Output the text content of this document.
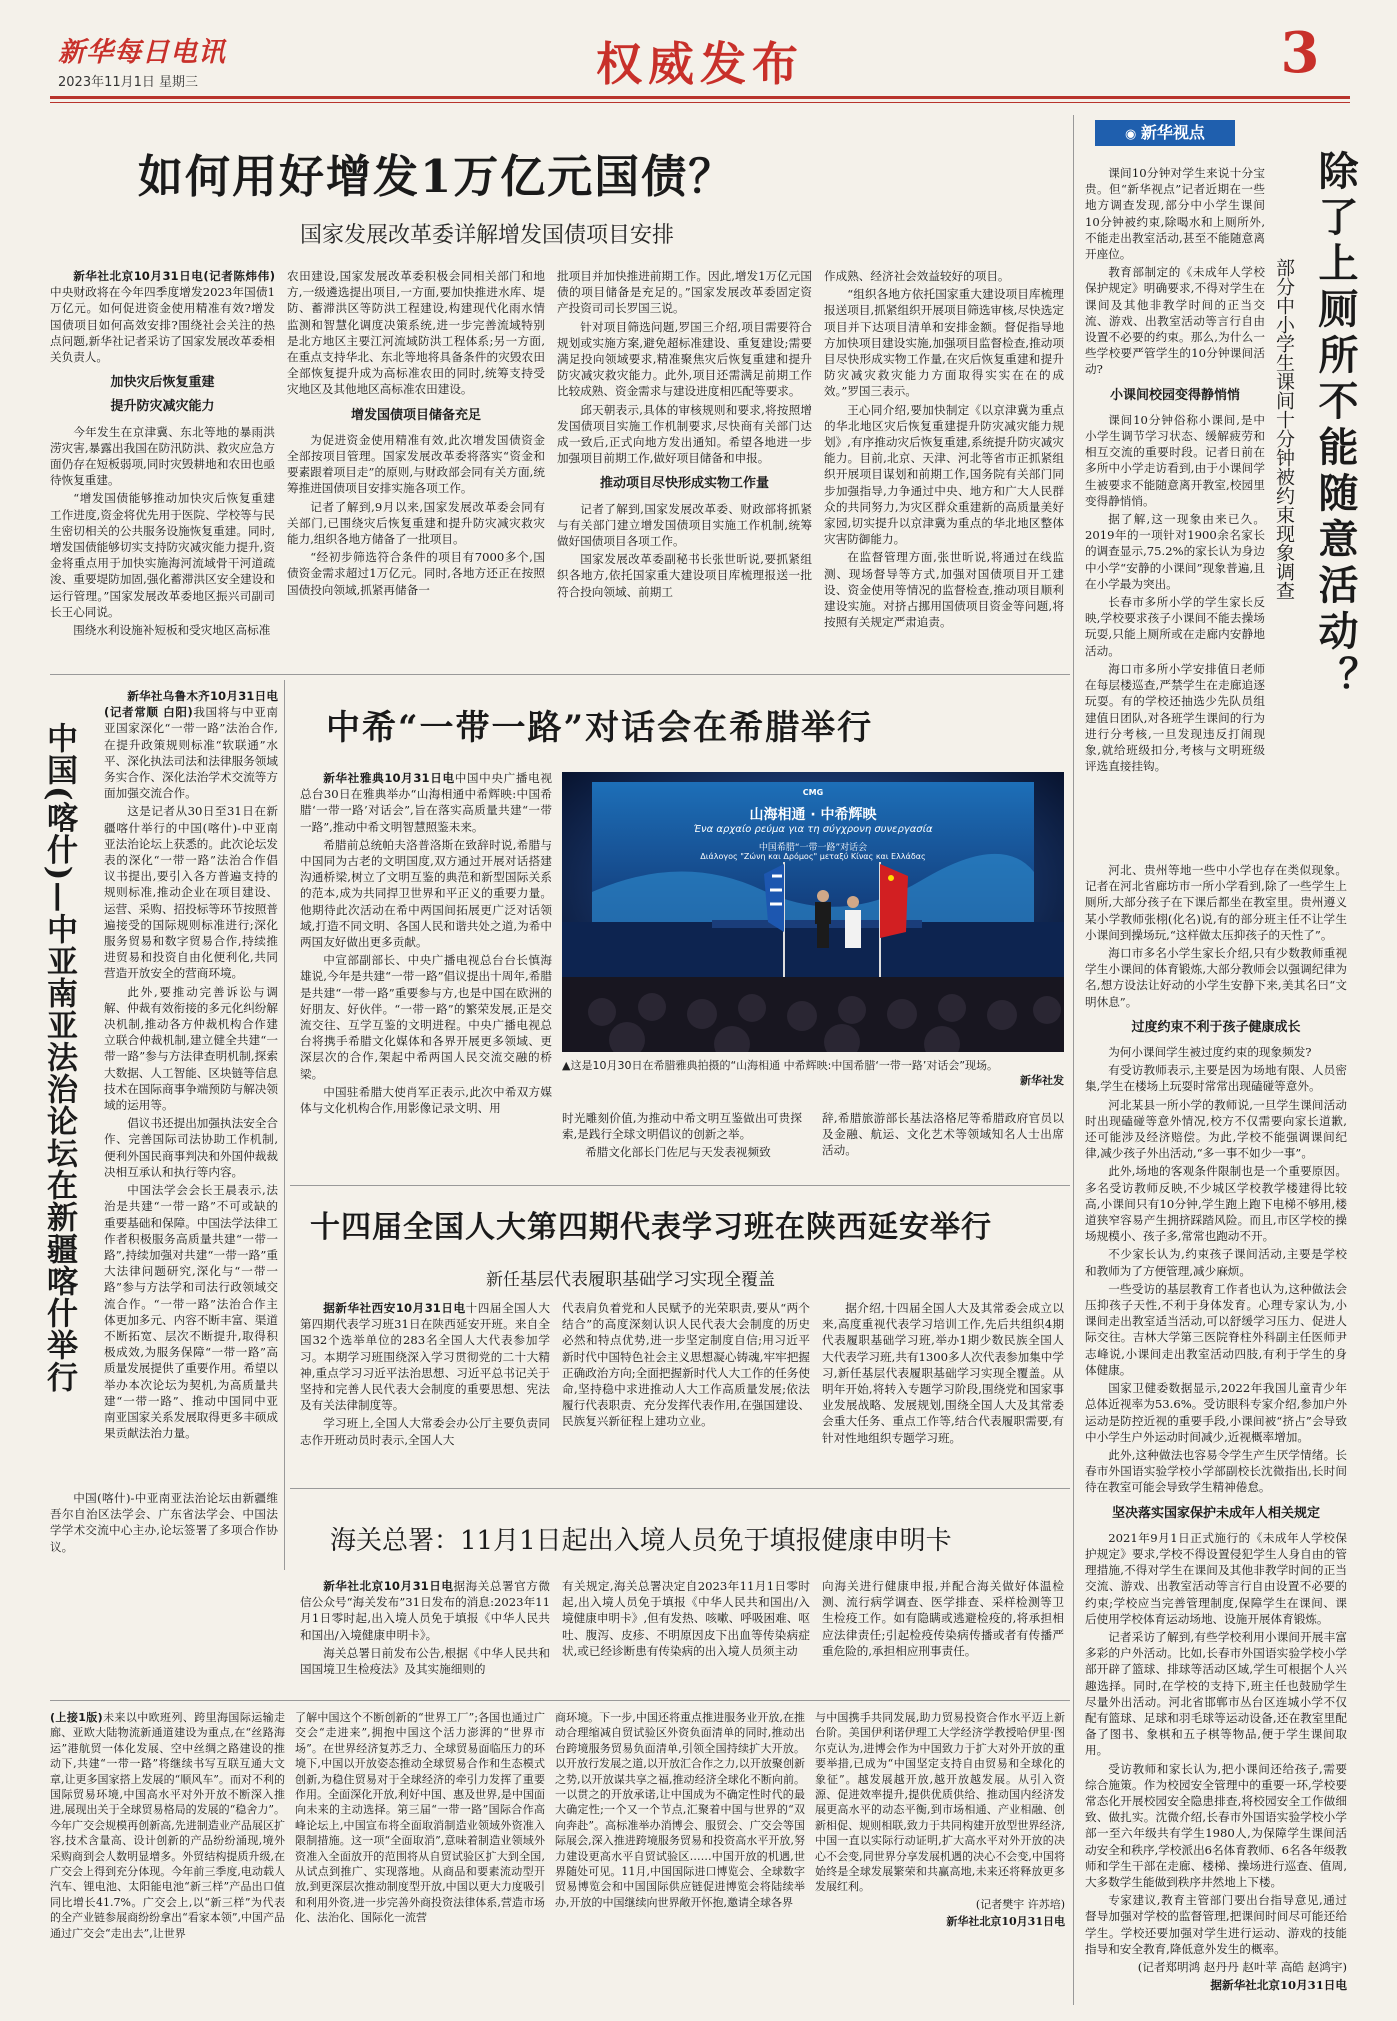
新华每日电讯
2023年11月1日 星期三	权威发布	3
如何用好增发1万亿元国债？
国家发展改革委详解增发国债项目安排

新华社北京10月31日电(记者陈炜伟)中央财政将在今年四季度增发2023年国债1万亿元。如何促进资金使用精准有效?增发国债项目如何高效安排?围绕社会关注的热点问题,新华社记者采访了国家发展改革委相关负责人。

加快灾后恢复重建
提升防灾减灾能力

今年发生在京津冀、东北等地的暴雨洪涝灾害,暴露出我国在防汛防洪、救灾应急方面仍存在短板弱项,同时灾毁耕地和农田也亟待恢复重建。

“增发国债能够推动加快灾后恢复重建工作进度,资金将优先用于医院、学校等与民生密切相关的公共服务设施恢复重建。同时,增发国债能够切实支持防灾减灾能力提升,资金将重点用于加快实施海河流域骨干河道疏浚、重要堤防加固,强化蓄滞洪区安全建设和运行管理。”国家发展改革委地区振兴司副司长王心同说。

围绕水利设施补短板和受灾地区高标准

农田建设,国家发展改革委积极会同相关部门和地方,一级遴选提出项目,一方面,要加快推进水库、堤防、蓄滞洪区等防洪工程建设,构建现代化雨水情监测和智慧化调度决策系统,进一步完善流域特别是北方地区主要江河流域防洪工程体系;另一方面,在重点支持华北、东北等地将具备条件的灾毁农田全部恢复提升成为高标准农田的同时,统筹支持受灾地区及其他地区高标准农田建设。

增发国债项目储备充足

为促进资金使用精准有效,此次增发国债资金全部按项目管理。国家发展改革委将落实“资金和要素跟着项目走”的原则,与财政部会同有关方面,统筹推进国债项目安排实施各项工作。

记者了解到,9月以来,国家发展改革委会同有关部门,已围绕灾后恢复重建和提升防灾减灾救灾能力,组织各地方储备了一批项目。

“经初步筛选符合条件的项目有7000多个,国债资金需求超过1万亿元。同时,各地方还正在按照国债投向领域,抓紧再储备一

批项目并加快推进前期工作。因此,增发1万亿元国债的项目储备是充足的。”国家发展改革委固定资产投资司司长罗国三说。

针对项目筛选问题,罗国三介绍,项目需要符合规划或实施方案,避免超标准建设、重复建设;需要满足投向领域要求,精准聚焦灾后恢复重建和提升防灾减灾救灾能力。此外,项目还需满足前期工作比较成熟、资金需求与建设进度相匹配等要求。

邱天朝表示,具体的审核规则和要求,将按照增发国债项目实施工作机制要求,尽快商有关部门达成一致后,正式向地方发出通知。希望各地进一步加强项目前期工作,做好项目储备和申报。

推动项目尽快形成实物工作量

记者了解到,国家发展改革委、财政部将抓紧与有关部门建立增发国债项目实施工作机制,统筹做好国债项目各项工作。

国家发展改革委副秘书长张世昕说,要抓紧组织各地方,依托国家重大建设项目库梳理报送一批符合投向领域、前期工

作成熟、经济社会效益较好的项目。

“组织各地方依托国家重大建设项目库梳理报送项目,抓紧组织开展项目筛选审核,尽快选定项目并下达项目清单和安排金额。督促指导地方加快项目建设实施,加强项目监督检查,推动项目尽快形成实物工作量,在灾后恢复重建和提升防灾减灾救灾能力方面取得实实在在的成效。”罗国三表示。

王心同介绍,要加快制定《以京津冀为重点的华北地区灾后恢复重建提升防灾减灾能力规划》,有序推动灾后恢复重建,系统提升防灾减灾能力。目前,北京、天津、河北等省市正抓紧组织开展项目谋划和前期工作,国务院有关部门同步加强指导,力争通过中央、地方和广大人民群众的共同努力,为灾区群众重建新的高质量美好家园,切实提升以京津冀为重点的华北地区整体灾害防御能力。

在监督管理方面,张世昕说,将通过在线监测、现场督导等方式,加强对国债项目开工建设、资金使用等情况的监督检查,推动项目顺利建设实施。对挤占挪用国债项目资金等问题,将按照有关规定严肃追责。

中国(喀什)—中亚南亚法治论坛在新疆喀什举行

新华社乌鲁木齐10月31日电(记者常顺 白阳)我国将与中亚南亚国家深化“一带一路”法治合作,在提升政策规则标准“软联通”水平、深化执法司法和法律服务领域务实合作、深化法治学术交流等方面加强交流合作。

这是记者从30日至31日在新疆喀什举行的中国(喀什)-中亚南亚法治论坛上获悉的。此次论坛发表的深化“一带一路”法治合作倡议书提出,要引入各方普遍支持的规则标准,推动企业在项目建设、运营、采购、招投标等环节按照普遍接受的国际规则标准进行;深化服务贸易和数字贸易合作,持续推进贸易和投资自由化便利化,共同营造开放安全的营商环境。

此外,要推动完善诉讼与调解、仲裁有效衔接的多元化纠纷解决机制,推动各方仲裁机构合作建立联合仲裁机制,建立健全共建“一带一路”参与方法律查明机制,探索大数据、人工智能、区块链等信息技术在国际商事争端预防与解决领域的运用等。

倡议书还提出加强执法安全合作、完善国际司法协助工作机制,便利外国民商事判决和外国仲裁裁决相互承认和执行等内容。

中国法学会会长王晨表示,法治是共建“一带一路”不可或缺的重要基础和保障。中国法学法律工作者积极服务高质量共建“一带一路”,持续加强对共建“一带一路”重大法律问题研究,深化与“一带一路”参与方法学和司法行政领域交流合作。“一带一路”法治合作主体更加多元、内容不断丰富、渠道不断拓宽、层次不断提升,取得积极成效,为服务保障“一带一路”高质量发展提供了重要作用。希望以举办本次论坛为契机,为高质量共建“一带一路”、推动中国同中亚南亚国家关系发展取得更多丰硕成果贡献法治力量。

中国(喀什)-中亚南亚法治论坛由新疆维吾尔自治区法学会、广东省法学会、中国法学学术交流中心主办,论坛签署了多项合作协议。

中希“一带一路”对话会在希腊举行

新华社雅典10月31日电中国中央广播电视总台30日在雅典举办“山海相通中希辉映:中国希腊‘一带一路’对话会”,旨在落实高质量共建“一带一路”,推动中希文明智慧照鉴未来。

希腊前总统帕夫洛普洛斯在致辞时说,希腊与中国同为古老的文明国度,双方通过开展对话搭建沟通桥梁,树立了文明互鉴的典范和新型国际关系的范本,成为共同捍卫世界和平正义的重要力量。他期待此次活动在希中两国间拓展更广泛对话领域,打造不同文明、各国人民和谐共处之道,为希中两国友好做出更多贡献。

中宣部副部长、中央广播电视总台台长慎海雄说,今年是共建“一带一路”倡议提出十周年,希腊是共建“一带一路”重要参与方,也是中国在欧洲的好朋友、好伙伴。“一带一路”的繁荣发展,正是交流交往、互学互鉴的文明进程。中央广播电视总台将携手希腊文化媒体和各界开展更多领域、更深层次的合作,架起中希两国人民交流交融的桥梁。

中国驻希腊大使肖军正表示,此次中希双方媒体与文化机构合作,用影像记录文明、用

CMG
山海相通 · 中希辉映
Ένα αρχαίο ρεύμα για τη σύγχρονη συνεργασία
中国希腊“一带一路”对话会
Διάλογος "Ζώνη και Δρόμος" μεταξύ Κίνας και Ελλάδας
▲这是10月30日在希腊雅典拍摄的“山海相通 中希辉映:中国希腊‘一带一路’对话会”现场。
新华社发

时光雕刻价值,为推动中希文明互鉴做出可贵探索,是践行全球文明倡议的创新之举。

希腊文化部长门佐尼与天发表视频致

辞,希腊旅游部长基法洛格尼等希腊政府官员以及金融、航运、文化艺术等领域知名人士出席活动。

十四届全国人大第四期代表学习班在陕西延安举行
新任基层代表履职基础学习实现全覆盖

据新华社西安10月31日电十四届全国人大第四期代表学习班31日在陕西延安开班。来自全国32个选举单位的283名全国人大代表参加学习。本期学习班围绕深入学习贯彻党的二十大精神,重点学习习近平法治思想、习近平总书记关于坚持和完善人民代表大会制度的重要思想、宪法及有关法律制度等。

学习班上,全国人大常委会办公厅主要负责同志作开班动员时表示,全国人大

代表肩负着党和人民赋予的光荣职责,要从“两个结合”的高度深刻认识人民代表大会制度的历史必然和特点优势,进一步坚定制度自信;用习近平新时代中国特色社会主义思想凝心铸魂,牢牢把握正确政治方向;全面把握新时代人大工作的任务使命,坚持稳中求进推动人大工作高质量发展;依法履行代表职责、充分发挥代表作用,在强国建设、民族复兴新征程上建功立业。

据介绍,十四届全国人大及其常委会成立以来,高度重视代表学习培训工作,先后共组织4期代表履职基础学习班,举办1期少数民族全国人大代表学习班,共有1300多人次代表参加集中学习,新任基层代表履职基础学习实现全覆盖。从明年开始,将转入专题学习阶段,围绕党和国家事业发展战略、发展规划,围绕全国人大及其常委会重大任务、重点工作等,结合代表履职需要,有针对性地组织专题学习班。

海关总署：11月1日起出入境人员免于填报健康申明卡

新华社北京10月31日电据海关总署官方微信公众号“海关发布”31日发布的消息:2023年11月1日零时起,出入境人员免于填报《中华人民共和国出/入境健康申明卡》。

海关总署日前发布公告,根据《中华人民共和国国境卫生检疫法》及其实施细则的

有关规定,海关总署决定自2023年11月1日零时起,出入境人员免于填报《中华人民共和国出/入境健康申明卡》,但有发热、咳嗽、呼吸困难、呕吐、腹泻、皮疹、不明原因皮下出血等传染病症状,或已经诊断患有传染病的出入境人员须主动

向海关进行健康申报,并配合海关做好体温检测、流行病学调查、医学排查、采样检测等卫生检疫工作。如有隐瞒或逃避检疫的,将承担相应法律责任;引起检疫传染病传播或者有传播严重危险的,承担相应刑事责任。

◉ 新华视点
除了上厕所不能随意活动？
部分中小学生课间十分钟被约束现象调查

课间10分钟对学生来说十分宝贵。但“新华视点”记者近期在一些地方调查发现,部分中小学生课间10分钟被约束,除喝水和上厕所外,不能走出教室活动,甚至不能随意离开座位。

教育部制定的《未成年人学校保护规定》明确要求,不得对学生在课间及其他非教学时间的正当交流、游戏、出教室活动等言行自由设置不必要的约束。那么,为什么一些学校要严管学生的10分钟课间活动?

小课间校园变得静悄悄

课间10分钟俗称小课间,是中小学生调节学习状态、缓解疲劳和相互交流的重要时段。记者日前在多所中小学走访看到,由于小课间学生被要求不能随意离开教室,校园里变得静悄悄。

据了解,这一现象由来已久。2019年的一项针对1900余名家长的调查显示,75.2%的家长认为身边中小学“安静的小课间”现象普遍,且在小学最为突出。

长春市多所小学的学生家长反映,学校要求孩子小课间不能去操场玩耍,只能上厕所或在走廊内安静地活动。

海口市多所小学安排值日老师在每层楼巡查,严禁学生在走廊追逐玩耍。有的学校还抽选少先队员组建值日团队,对各班学生课间的行为进行分考核,一旦发现违反打闹现象,就给班级扣分,考核与文明班级评选直接挂钩。

河北、贵州等地一些中小学也存在类似现象。记者在河北省廊坊市一所小学看到,除了一些学生上厕所,大部分孩子在下课后都坐在教室里。贵州遵义某小学教师张栩(化名)说,有的部分班主任不让学生小课间到操场玩,“这样做太压抑孩子的天性了”。

海口市多名小学生家长介绍,只有少数教师重视学生小课间的体育锻炼,大部分教师会以强调纪律为名,想方设法让好动的小学生安静下来,美其名曰“文明休息”。

过度约束不利于孩子健康成长

为何小课间学生被过度约束的现象频发?

有受访教师表示,主要是因为场地有限、人员密集,学生在楼场上玩耍时常常出现磕碰等意外。

河北某县一所小学的教师说,一旦学生课间活动时出现磕碰等意外情况,校方不仅需要向家长道歉,还可能涉及经济赔偿。为此,学校不能强调课间纪律,减少孩子外出活动,“多一事不如少一事”。

此外,场地的客观条件限制也是一个重要原因。多名受访教师反映,不少城区学校教学楼建得比较高,小课间只有10分钟,学生跑上跑下电梯不够用,楼道狭窄容易产生拥挤踩踏风险。而且,市区学校的操场规模小、孩子多,常常也跑动不开。

不少家长认为,约束孩子课间活动,主要是学校和教师为了方便管理,减少麻烦。

一些受访的基层教育工作者也认为,这种做法会压抑孩子天性,不利于身体发育。心理专家认为,小课间走出教室适当活动,可以舒缓学习压力、促进人际交往。吉林大学第三医院脊柱外科副主任医师尹志峰说,小课间走出教室活动四肢,有利于学生的身体健康。

国家卫健委数据显示,2022年我国儿童青少年总体近视率为53.6%。受访眼科专家介绍,参加户外运动是防控近视的重要手段,小课间被“挤占”会导致中小学生户外运动时间减少,近视概率增加。

此外,这种做法也容易令学生产生厌学情绪。长春市外国语实验学校小学部副校长沈微指出,长时间待在教室可能会导致学生精神倦怠。

坚决落实国家保护未成年人相关规定

2021年9月1日正式施行的《未成年人学校保护规定》要求,学校不得设置侵犯学生人身自由的管理措施,不得对学生在课间及其他非教学时间的正当交流、游戏、出教室活动等言行自由设置不必要的约束;学校应当完善管理制度,保障学生在课间、课后使用学校体育运动场地、设施开展体育锻炼。

记者采访了解到,有些学校利用小课间开展丰富多彩的户外活动。比如,长春市外国语实验学校小学部开辟了篮球、排球等活动区域,学生可根据个人兴趣选择。同时,在学校的支持下,班主任也鼓励学生尽量外出活动。河北省邯郸市丛台区连城小学不仅配有篮球、足球和羽毛球等运动设备,还在教室里配备了图书、象棋和五子棋等物品,便于学生课间取用。

受访教师和家长认为,把小课间还给孩子,需要综合施策。作为校园安全管理中的重要一环,学校要常态化开展校园安全隐患排查,将校园安全工作做细致、做扎实。沈微介绍,长春市外国语实验学校小学部一至六年级共有学生1980人,为保障学生课间活动安全和秩序,学校派出6名体育教师、6名各年级教师和学生干部在走廊、楼梯、操场进行巡查、值周,大多数学生能做到秩序井然地上下楼。

专家建议,教育主管部门要出台指导意见,通过督导加强对学校的监督管理,把课间时间尽可能还给学生。学校还要加强对学生进行运动、游戏的技能指导和安全教育,降低意外发生的概率。

(记者郑明鸿 赵丹丹 赵叶苹 高皓 赵鸿宇)

据新华社北京10月31日电

(上接1版)未来以中欧班列、跨里海国际运输走廊、亚欧大陆物流新通道建设为重点,在“丝路海运”港航贸一体化发展、空中丝绸之路建设的推动下,共建“一带一路”将继续书写互联互通大文章,让更多国家搭上发展的“顺风车”。而对不利的国际贸易环境,中国高水平对外开放不断深入推进,展现出关于全球贸易格局的发展的“稳舍力”。今年广交会规模再创新高,先进制造业产品展区扩容,技术含量高、设计创新的产品纷纷涌现,境外采购商到会人数明显增多。外贸结构提质升级,在广交会上得到充分体现。今年前三季度,电动载人汽车、锂电池、太阳能电池“新三样”产品出口值同比增长41.7%。广交会上,以“新三样”为代表的全产业链参展商纷纷拿出“看家本领”,中国产品通过广交会“走出去”,让世界

了解中国这个不断创新的“世界工厂”;各国也通过广交会“走进来”,拥抱中国这个活力澎湃的“世界市场”。在世界经济复苏乏力、全球贸易面临压力的环境下,中国以开放姿态推动全球贸易合作和生态模式创新,为稳住贸易对于全球经济的牵引力发挥了重要作用。全面深化开放,利好中国、惠及世界,是中国面向未来的主动选择。第三届“一带一路”国际合作高峰论坛上,中国宣布将全面取消制造业领域外资准入限制措施。这一项“全面取消”,意味着制造业领域外资准入全面放开的范围将从自贸试验区扩大到全国,从试点到推广、实现落地。从商品和要素流动型开放,到更深层次推动制度型开放,中国以更大力度吸引和利用外资,进一步完善外商投资法律体系,营造市场化、法治化、国际化一流营

商环境。下一步,中国还将重点推进服务业开放,在推动合理缩减自贸试验区外资负面清单的同时,推动出台跨境服务贸易负面清单,引领全国持续扩大开放。以开放行发展之道,以开放汇合作之力,以开放聚创新之势,以开放谋共享之福,推动经济全球化不断向前。一以贯之的开放承诺,让中国成为不确定性时代的最大确定性;一个又一个节点,汇聚着中国与世界的“双向奔赴”。高标准举办消博会、服贸会、广交会等国际展会,深入推进跨境服务贸易和投资高水平开放,努力建设更高水平自贸试验区……中国开放的机遇,世界随处可见。11月,中国国际进口博览会、全球数字贸易博览会和中国国际供应链促进博览会将陆续举办,开放的中国继续向世界敞开怀抱,邀请全球各界

与中国携手共同发展,助力贸易投资合作水平迈上新台阶。美国伊利诺伊理工大学经济学教授哈伊里·图尔克认为,进博会作为中国致力于扩大对外开放的重要举措,已成为“中国坚定支持自由贸易和全球化的象征”。越发展越开放,越开放越发展。从引入资源、促进效率提升,提供优质供给、推动国内经济发展更高水平的动态平衡,到市场相通、产业相融、创新相促、规则相联,致力于共同构建开放型世界经济,中国一直以实际行动证明,扩大高水平对外开放的决心不会变,同世界分享发展机遇的决心不会变,中国将始终是全球发展繁荣和共赢高地,未来还将释放更多发展红利。

(记者樊宇 许苏培)

新华社北京10月31日电
